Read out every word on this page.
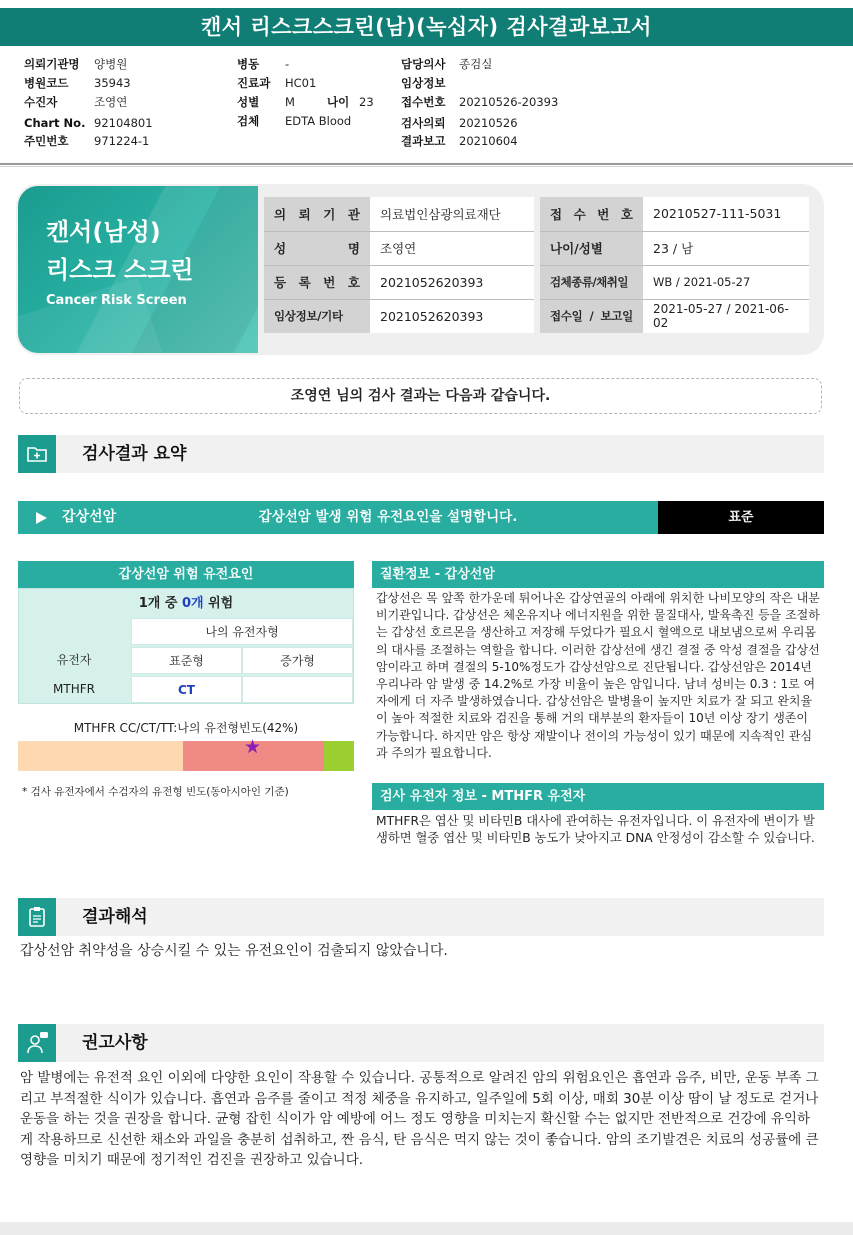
캔서 리스크스크린(남)(녹십자) 검사결과보고서
의뢰기관명 양병원
병원코드 35943
수진자	조영연
Chart No. 92104801
주민번호 971224-1
병동 -
진료과 HC01
성별 M	나이 23
검체 EDTA Blood
담당의사 종검실
임상정보
접수번호 20210526-20393
검사의뢰 20210526
결과보고 20210604
캔서(남성)
리스크 스크린
Cancer Risk Screen
의 뢰 기 관	의료법인삼광의료재단	접 수 번 호	20210527-111-5031
성 명	조영연	나이/성별	23 / 남
등 록 번 호	2021052620393	검체종류/채취일	WB / 2021-05-27
임상정보/기타	2021052620393	접수일 / 보고일	2021-05-27 / 2021-06-02
조영연 님의 검사 결과는 다음과 같습니다.
검사결과 요약
갑상선암	갑상선암 발생 위험 유전요인을 설명합니다.	표준
갑상선암 위험 유전요인
1개 중 0개 위험
나의 유전자형
유전자	표준형	증가형
MTHFR	CT
MTHFR CC/CT/TT:나의 유전형빈도(42%)
★
* 검사 유전자에서 수검자의 유전형 빈도(동아시아인 기준)
질환정보 - 갑상선암
갑상선은 목 앞쪽 한가운데 튀어나온 갑상연골의 아래에 위치한 나비모양의 작은 내분비기관입니다. 갑상선은 체온유지나 에너지원을 위한 물질대사, 발육촉진 등을 조절하는 갑상선 호르몬을 생산하고 저장해 두었다가 필요시 혈액으로 내보냄으로써 우리몸의 대사를 조절하는 역할을 합니다. 이러한 갑상선에 생긴 결절 중 악성 결절을 갑상선암이라고 하며 결절의 5-10%정도가 갑상선암으로 진단됩니다. 갑상선암은 2014년 우리나라 암 발생 중 14.2%로 가장 비율이 높은 암입니다. 남녀 성비는 0.3 : 1로 여자에게 더 자주 발생하였습니다. 갑상선암은 발병율이 높지만 치료가 잘 되고 완치율이 높아 적절한 치료와 검진을 통해 거의 대부분의 환자들이 10년 이상 장기 생존이 가능합니다. 하지만 암은 항상 재발이나 전이의 가능성이 있기 때문에 지속적인 관심과 주의가 필요합니다.
검사 유전자 정보 - MTHFR 유전자
MTHFR은 엽산 및 비타민B 대사에 관여하는 유전자입니다. 이 유전자에 변이가 발생하면 혈중 엽산 및 비타민B 농도가 낮아지고 DNA 안정성이 감소할 수 있습니다.
결과해석
갑상선암 취약성을 상승시킬 수 있는 유전요인이 검출되지 않았습니다.
권고사항
암 발병에는 유전적 요인 이외에 다양한 요인이 작용할 수 있습니다. 공통적으로 알려진 암의 위험요인은 흡연과 음주, 비만, 운동 부족 그리고 부적절한 식이가 있습니다. 흡연과 음주를 줄이고 적정 체중을 유지하고, 일주일에 5회 이상, 매회 30분 이상 땀이 날 정도로 걷거나 운동을 하는 것을 권장을 합니다. 균형 잡힌 식이가 암 예방에 어느 정도 영향을 미치는지 확신할 수는 없지만 전반적으로 건강에 유익하게 작용하므로 신선한 채소와 과일을 충분히 섭취하고, 짠 음식, 탄 음식은 먹지 않는 것이 좋습니다. 암의 조기발견은 치료의 성공률에 큰 영향을 미치기 때문에 정기적인 검진을 권장하고 있습니다.
